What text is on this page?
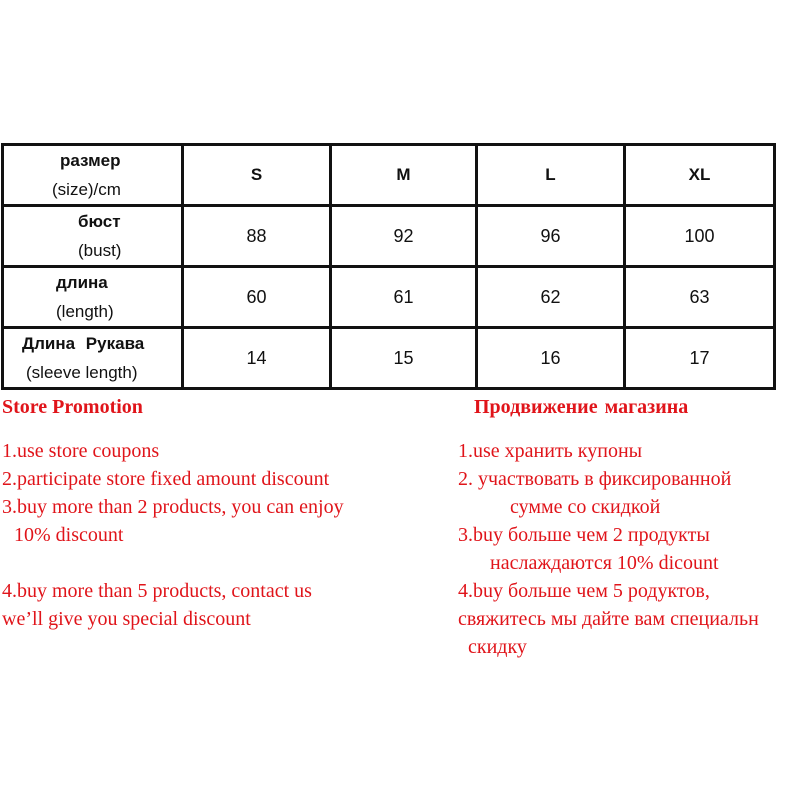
размер
(size)/cm	S	M	L	XL

бюст
(bust)	88	92	96	100

длина
(length)	60	61	62	63

Длина Рукава
(sleeve length)	14	15	16	17
Store Promotion
1.use store coupons
2.participate store fixed amount discount
3.buy more than 2 products, you can enjoy
10% discount
4.buy more than 5 products, contact us
we’ll give you special discount
Продвижение магазина
1.use хранить купоны
2. участвовать в фиксированной
сумме со скидкой
3.buy больше чем 2 продукты
наслаждаются 10% dicount
4.buy больше чем 5 родуктов,
свяжитесь мы дайте вам специальн
скидку
